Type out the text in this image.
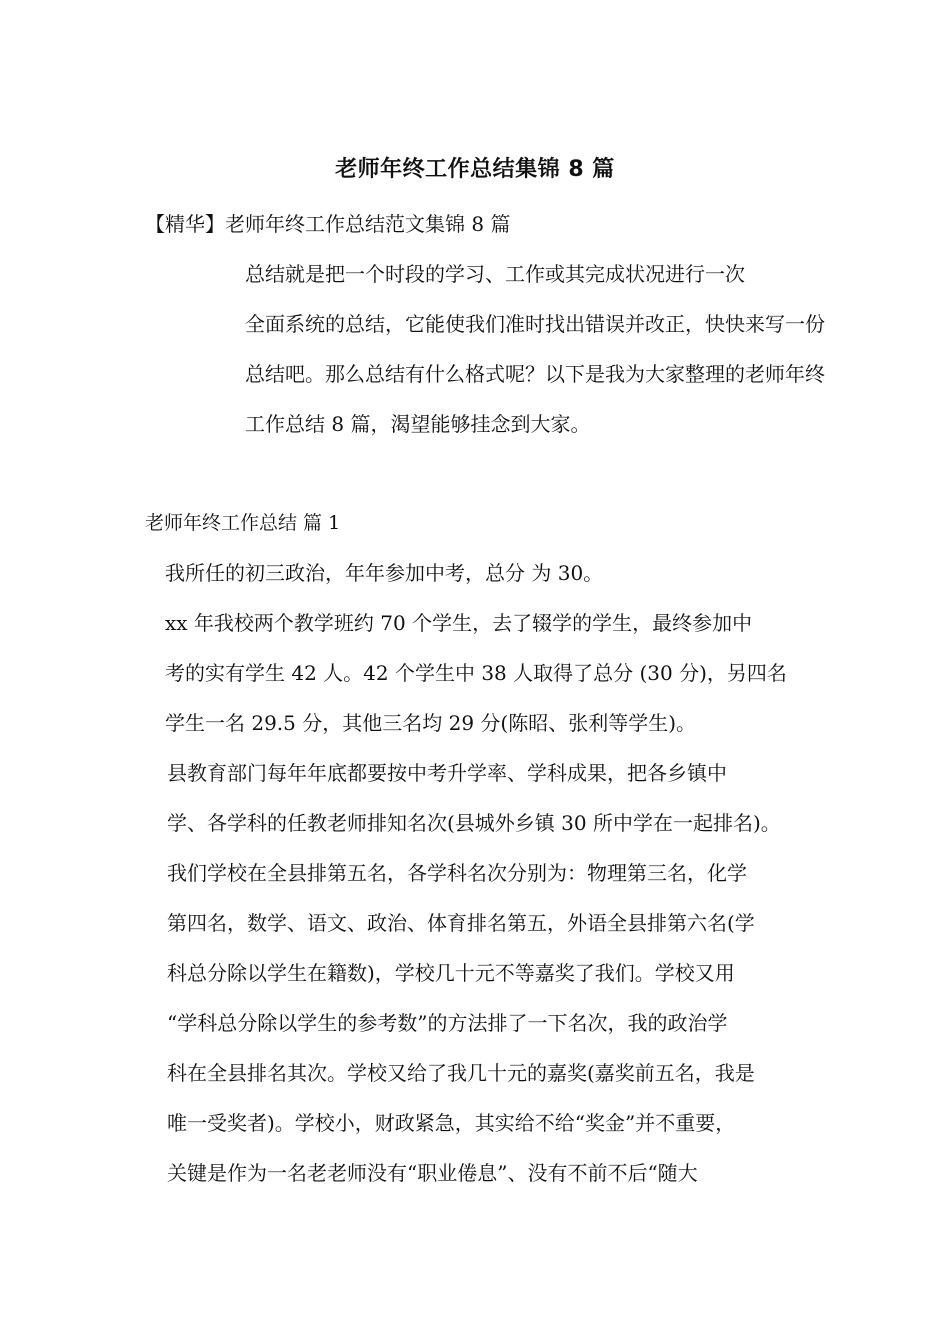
老师年终工作总结集锦 8 篇

【精华】老师年终工作总结范文集锦 8 篇

总结就是把一个时段的学习、工作或其完成状况进行一次
全面系统的总结，它能使我们准时找出错误并改正，快快来写一份
总结吧。那么总结有什么格式呢？以下是我为大家整理的老师年终
工作总结 8 篇，渴望能够挂念到大家。

老师年终工作总结 篇 1

我所任的初三政治，年年参加中考，总分 为 30。

xx 年我校两个教学班约 70 个学生，去了辍学的学生，最终参加中
考的实有学生 42 人。42 个学生中 38 人取得了总分 (30 分)，另四名
学生一名 29.5 分，其他三名均 29 分(陈昭、张利等学生)。

县教育部门每年年底都要按中考升学率、学科成果，把各乡镇中
学、各学科的任教老师排知名次(县城外乡镇 30 所中学在一起排名)。
我们学校在全县排第五名，各学科名次分别为：物理第三名，化学
第四名，数学、语文、政治、体育排名第五，外语全县排第六名(学
科总分除以学生在籍数)，学校几十元不等嘉奖了我们。学校又用
“学科总分除以学生的参考数”的方法排了一下名次，我的政治学
科在全县排名其次。学校又给了我几十元的嘉奖(嘉奖前五名，我是
唯一受奖者)。学校小，财政紧急，其实给不给“奖金”并不重要，
关键是作为一名老老师没有“职业倦息”、没有不前不后“随大
